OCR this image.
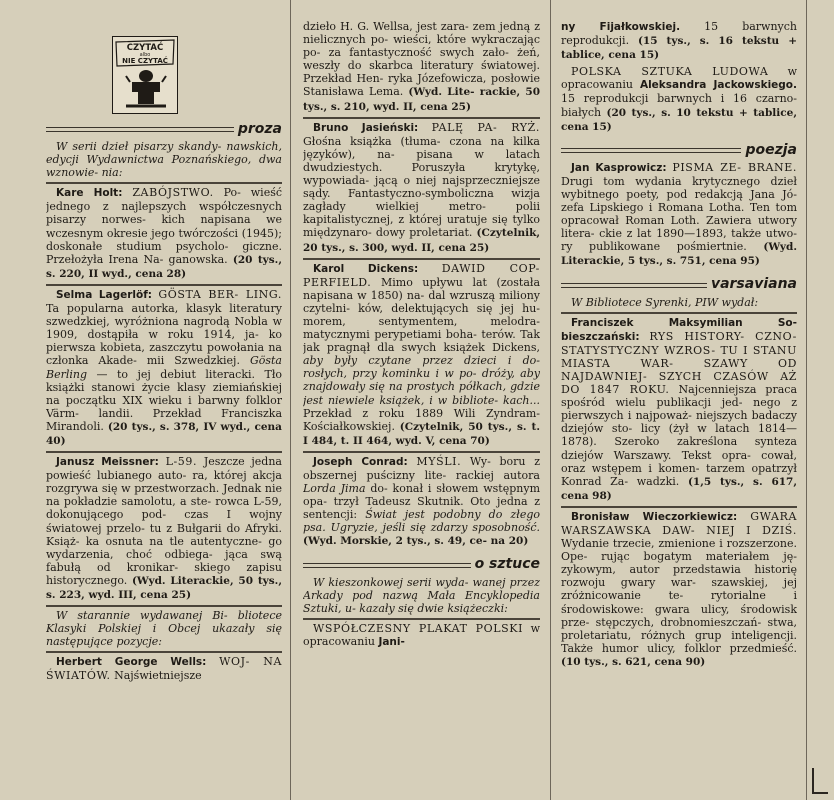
CZYTAĆ
albo
NIE CZYTAĆ
proza

W serii dzieł pisarzy skandy- nawskich, edycji Wydawnictwa Poznańskiego, dwa wznowie- nia:

Kare Holt: ZABÓJSTWO. Po- wieść jednego z najlepszych współczesnych pisarzy norwes- kich napisana we wczesnym okresie jego twórczości (1945); doskonałe studium psycholo- giczne. Przełożyła Irena Na- ganowska. (20 tys., s. 220, II wyd., cena 28)

Selma Lagerlöf: GÖSTA BER- LING. Ta popularna autorka, klasyk literatury szwedzkiej, wyróżniona nagrodą Nobla w 1909, dostąpiła w roku 1914, ja- ko pierwsza kobieta, zaszczytu powołania na członka Akade- mii Szwedzkiej. Gösta Berling — to jej debiut literacki. Tło książki stanowi życie klasy ziemiańskiej na początku XIX wieku i barwny folklor Värm- landii. Przekład Franciszka Mirandoli. (20 tys., s. 378, IV wyd., cena 40)

Janusz Meissner: L-59. Jeszcze jedna powieść lubianego auto- ra, której akcja rozgrywa się w przestworzach. Jednak nie na pokładzie samolotu, a ste- rowca L-59, dokonującego pod- czas I wojny światowej przelo- tu z Bułgarii do Afryki. Książ- ka osnuta na tle autentyczne- go wydarzenia, choć odbiega- jąca swą fabułą od kronikar- skiego zapisu historycznego. (Wyd. Literackie, 50 tys., s. 223, wyd. III, cena 25)

W starannie wydawanej Bi- bliotece Klasyki Polskiej i Obcej ukazały się następujące pozycje:

Herbert George Wells: WOJ- NA ŚWIATÓW. Najświetniejsze

dzieło H. G. Wellsa, jest zara- zem jedną z nielicznych po- wieści, które wykraczając po- za fantastyczność swych zało- żeń, weszły do skarbca literatury światowej. Przekład Hen- ryka Józefowicza, posłowie Stanisława Lema. (Wyd. Lite- rackie, 50 tys., s. 210, wyd. II, cena 25)

Bruno Jasieński: PALĘ PA- RYŻ. Głośna książka (tłuma- czona na kilka języków), na- pisana w latach dwudziestych. Poruszyła krytykę, wypowiada- jącą o niej najsprzeczniejsze sądy. Fantastyczno-symboliczna wizja zagłady wielkiej metro- polii kapitalistycznej, z której uratuje się tylko międzynaro- dowy proletariat. (Czytelnik, 20 tys., s. 300, wyd. II, cena 25)

Karol Dickens: DAWID COP- PERFIELD. Mimo upływu lat (została napisana w 1850) na- dal wzruszą miliony czytelni- ków, delektujących się jej hu- morem, sentymentem, melodra- matycznymi perypetiami boha- terów. Tak jak pragnął dla swych książek Dickens, aby były czytane przez dzieci i do- rosłych, przy kominku i w po- dróży, aby znajdowały się na prostych półkach, gdzie jest niewiele książek, i w bibliote- kach... Przekład z roku 1889 Wili Zyndram-Kościałkowskiej. (Czytelnik, 50 tys., s. t. I 484, t. II 464, wyd. V, cena 70)

Joseph Conrad: MYŚLI. Wy- boru z obszernej puścizny lite- rackiej autora Lorda Jima do- konał i słowem wstępnym opa- trzył Tadeusz Skutnik. Oto jedna z sentencji: Świat jest podobny do złego psa. Ugryzie, jeśli się zdarzy sposobność. (Wyd. Morskie, 2 tys., s. 49, ce- na 20)

o sztuce

W kieszonkowej serii wyda- wanej przez Arkady pod nazwą Mała Encyklopedia Sztuki, u- kazały się dwie książeczki:

WSPÓŁCZESNY PLAKAT POLSKI w opracowaniu Jani-

ny Fijałkowskiej. 15 barwnych reprodukcji. (15 tys., s. 16 tekstu + tablice, cena 15)

POLSKA SZTUKA LUDOWA w opracowaniu Aleksandra Jackowskiego. 15 reprodukcji barwnych i 16 czarno-białych (20 tys., s. 10 tekstu + tablice, cena 15)

poezja

Jan Kasprowicz: PISMA ZE- BRANE. Drugi tom wydania krytycznego dzieł wybitnego poety, pod redakcją Jana Jó- zefa Lipskiego i Romana Lotha. Ten tom opracował Roman Loth. Zawiera utwory litera- ckie z lat 1890—1893, także utwo- ry publikowane pośmiertnie. (Wyd. Literackie, 5 tys., s. 751, cena 95)

varsaviana

W Bibliotece Syrenki, PIW wydał:

Franciszek Maksymilian So- bieszczański: RYS HISTORY- CZNO-STATYSTYCZNY WZROS- TU I STANU MIASTA WAR- SZAWY OD NAJDAWNIEJ- SZYCH CZASÓW AŻ DO 1847 ROKU. Najcenniejsza praca spośród wielu publikacji jed- nego z pierwszych i najpoważ- niejszych badaczy dziejów sto- licy (żył w latach 1814—1878). Szeroko zakreślona synteza dziejów Warszawy. Tekst opra- cował, oraz wstępem i komen- tarzem opatrzył Konrad Za- wadzki. (1,5 tys., s. 617, cena 98)

Bronisław Wieczorkiewicz: GWARA WARSZAWSKA DAW- NIEJ I DZIŚ. Wydanie trzecie, zmienione i rozszerzone. Ope- rując bogatym materiałem ję- zykowym, autor przedstawia historię rozwoju gwary war- szawskiej, jej zróżnicowanie te- rytorialne i środowiskowe: gwara ulicy, środowisk prze- stępczych, drobnomieszczań- stwa, proletariatu, różnych grup inteligencji. Także humor ulicy, folklor przedmieść. (10 tys., s. 621, cena 90)
